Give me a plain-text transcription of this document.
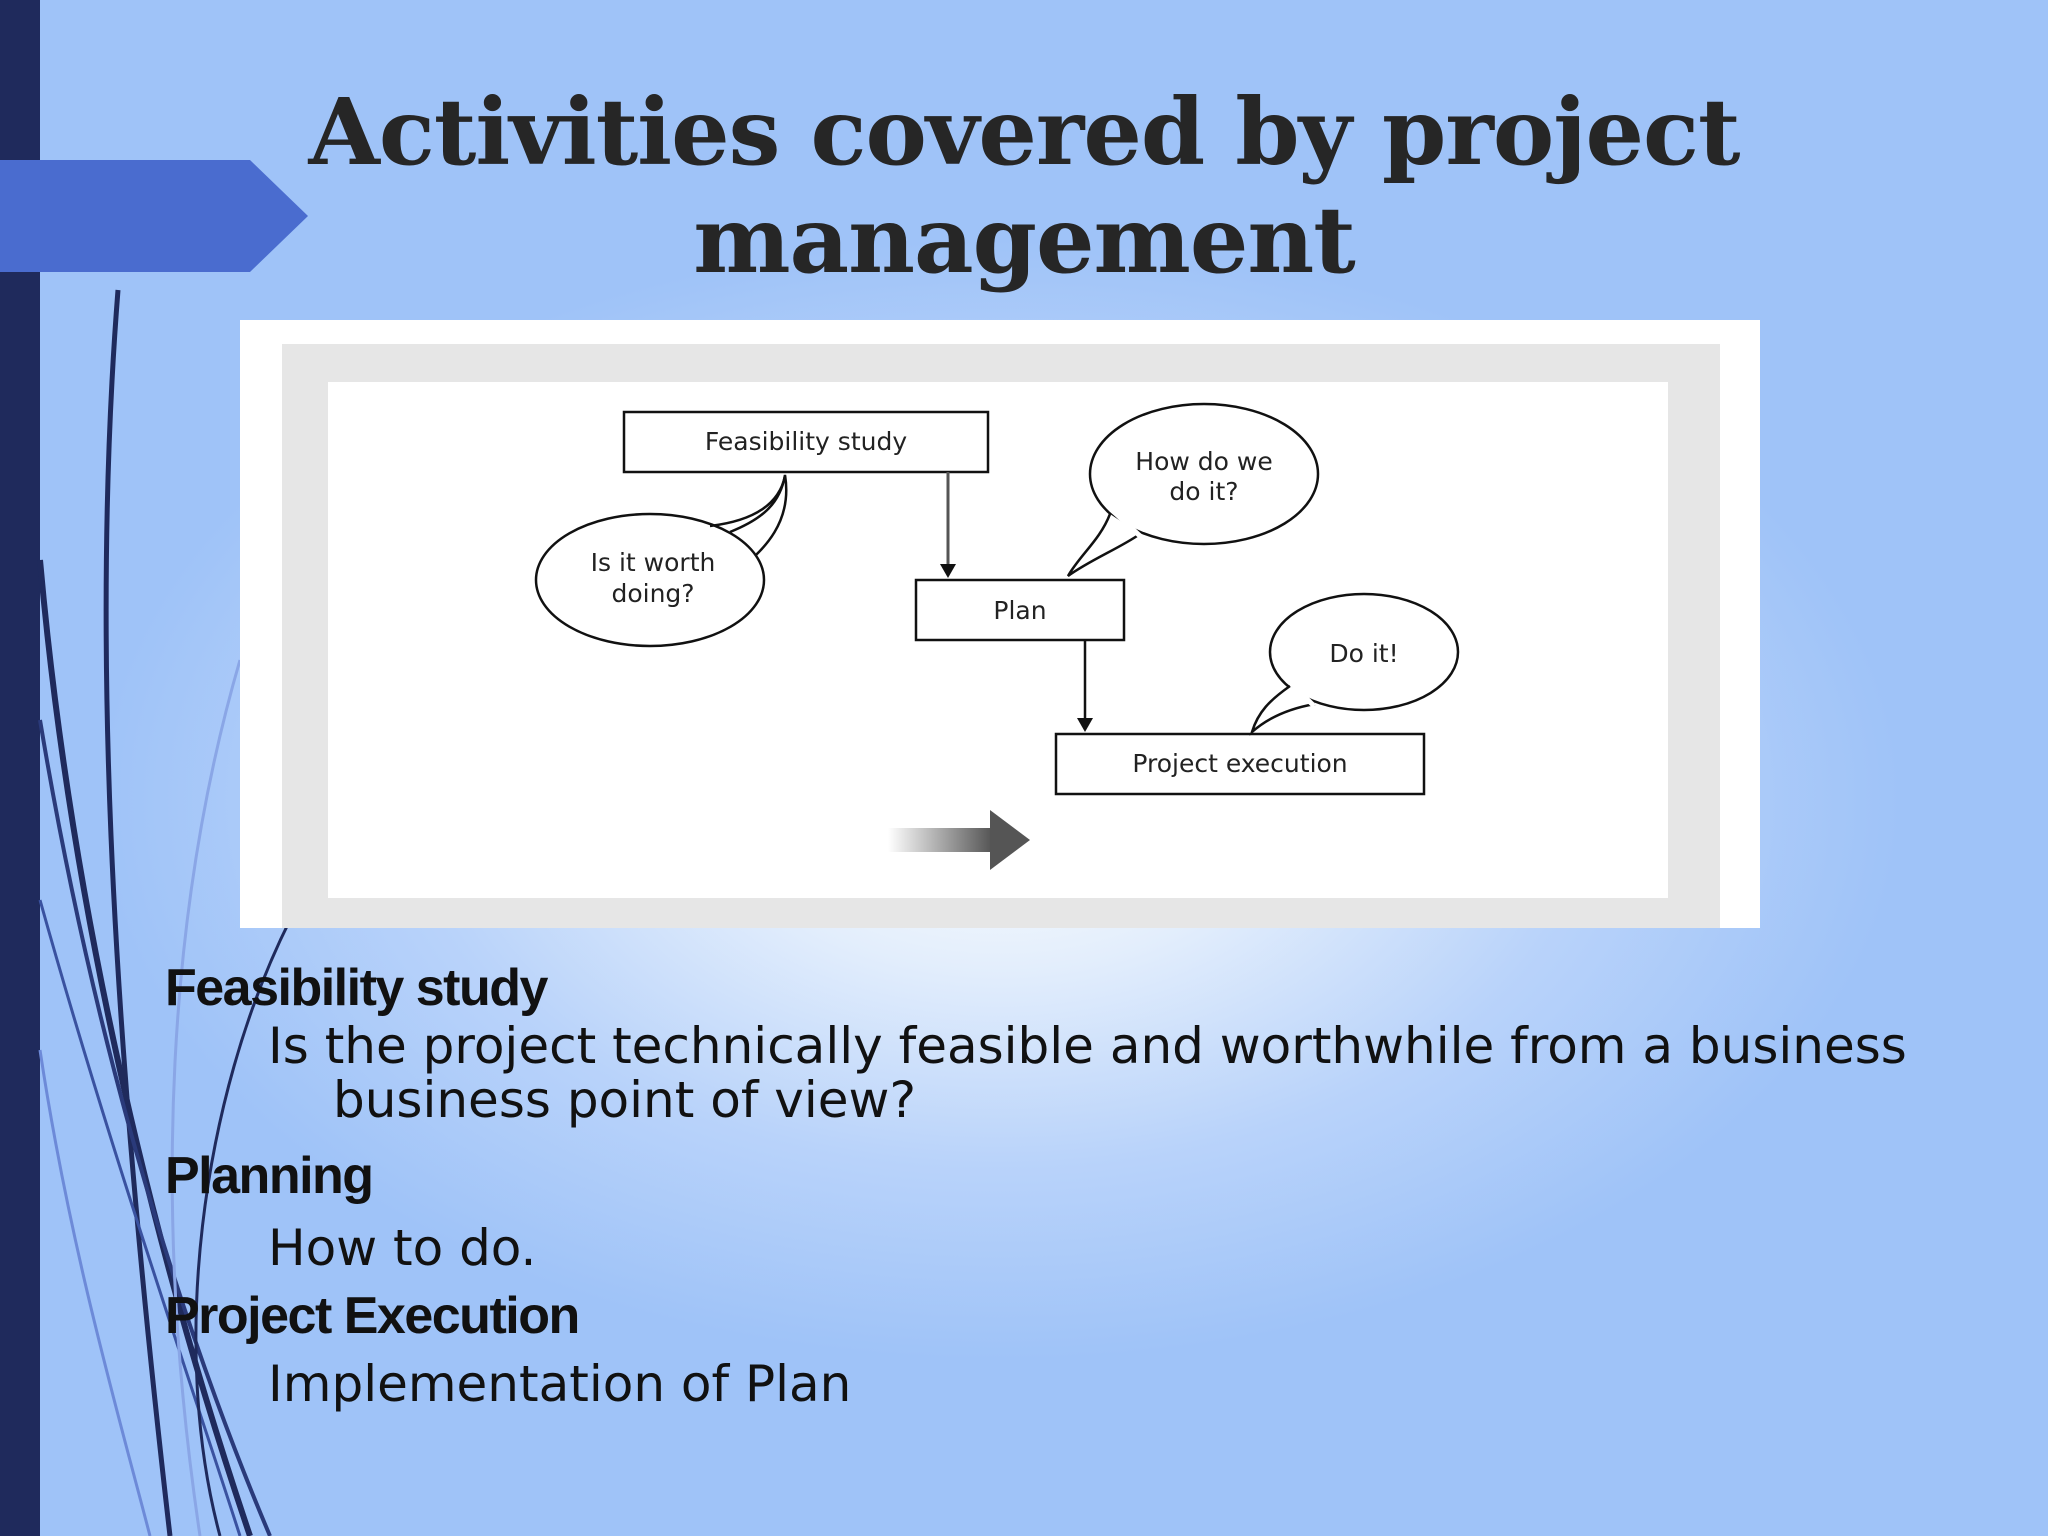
Activities covered by project management
Feasibility study
Plan
Project execution
Is it worth
doing?
How do we
do it?
Do it!

Feasibility study

Is the project technically feasible and worthwhile from a business

business point of view?

Planning

How to do.

Project Execution

Implementation of Plan
